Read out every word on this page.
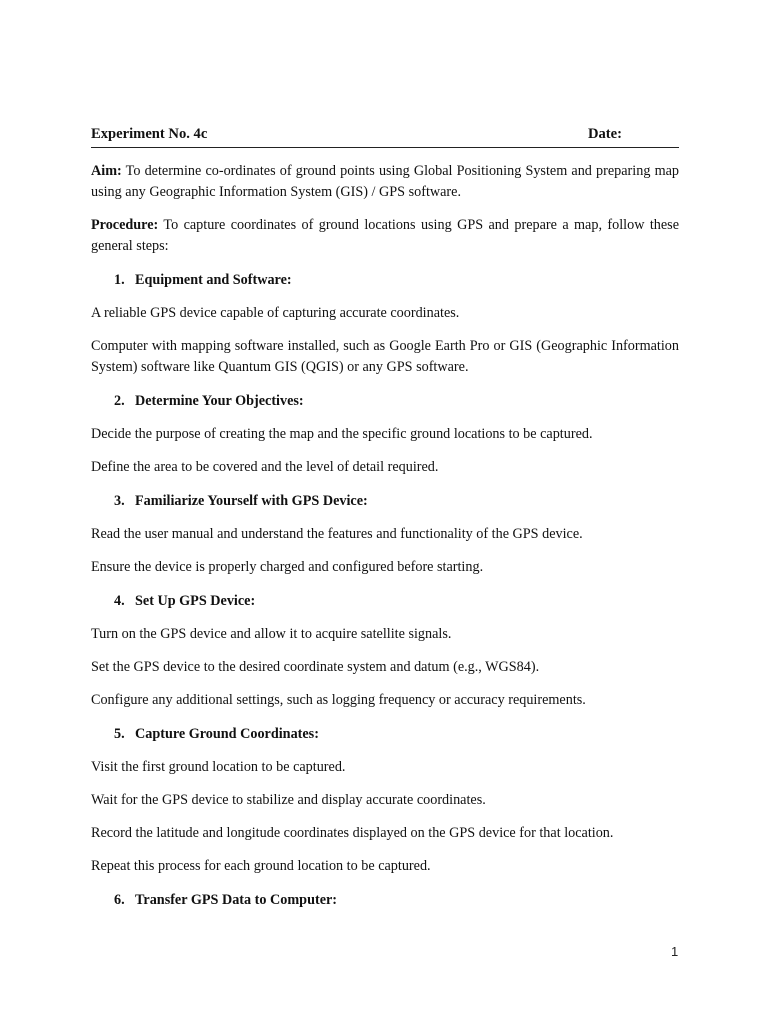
Experiment No. 4c	Date:

Aim: To determine co-ordinates of ground points using Global Positioning System and preparing map using any Geographic Information System (GIS) / GPS software.

Procedure: To capture coordinates of ground locations using GPS and prepare a map, follow these general steps:

1. Equipment and Software:

A reliable GPS device capable of capturing accurate coordinates.

Computer with mapping software installed, such as Google Earth Pro or GIS (Geographic Information System) software like Quantum GIS (QGIS) or any GPS software.

2. Determine Your Objectives:

Decide the purpose of creating the map and the specific ground locations to be captured.

Define the area to be covered and the level of detail required.

3. Familiarize Yourself with GPS Device:

Read the user manual and understand the features and functionality of the GPS device.

Ensure the device is properly charged and configured before starting.

4. Set Up GPS Device:

Turn on the GPS device and allow it to acquire satellite signals.

Set the GPS device to the desired coordinate system and datum (e.g., WGS84).

Configure any additional settings, such as logging frequency or accuracy requirements.

5. Capture Ground Coordinates:

Visit the first ground location to be captured.

Wait for the GPS device to stabilize and display accurate coordinates.

Record the latitude and longitude coordinates displayed on the GPS device for that location.

Repeat this process for each ground location to be captured.

6. Transfer GPS Data to Computer:
1
